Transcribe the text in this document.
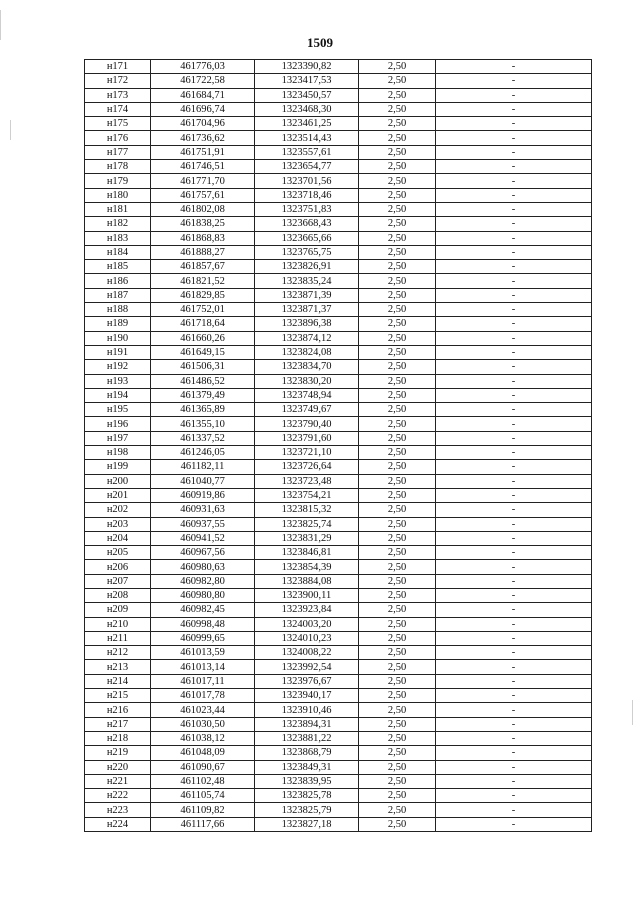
1509
н171	461776,03	1323390,82	2,50	-
н172	461722,58	1323417,53	2,50	-
н173	461684,71	1323450,57	2,50	-
н174	461696,74	1323468,30	2,50	-
н175	461704,96	1323461,25	2,50	-
н176	461736,62	1323514,43	2,50	-
н177	461751,91	1323557,61	2,50	-
н178	461746,51	1323654,77	2,50	-
н179	461771,70	1323701,56	2,50	-
н180	461757,61	1323718,46	2,50	-
н181	461802,08	1323751,83	2,50	-
н182	461838,25	1323668,43	2,50	-
н183	461868,83	1323665,66	2,50	-
н184	461888,27	1323765,75	2,50	-
н185	461857,67	1323826,91	2,50	-
н186	461821,52	1323835,24	2,50	-
н187	461829,85	1323871,39	2,50	-
н188	461752,01	1323871,37	2,50	-
н189	461718,64	1323896,38	2,50	-
н190	461660,26	1323874,12	2,50	-
н191	461649,15	1323824,08	2,50	-
н192	461506,31	1323834,70	2,50	-
н193	461486,52	1323830,20	2,50	-
н194	461379,49	1323748,94	2,50	-
н195	461365,89	1323749,67	2,50	-
н196	461355,10	1323790,40	2,50	-
н197	461337,52	1323791,60	2,50	-
н198	461246,05	1323721,10	2,50	-
н199	461182,11	1323726,64	2,50	-
н200	461040,77	1323723,48	2,50	-
н201	460919,86	1323754,21	2,50	-
н202	460931,63	1323815,32	2,50	-
н203	460937,55	1323825,74	2,50	-
н204	460941,52	1323831,29	2,50	-
н205	460967,56	1323846,81	2,50	-
н206	460980,63	1323854,39	2,50	-
н207	460982,80	1323884,08	2,50	-
н208	460980,80	1323900,11	2,50	-
н209	460982,45	1323923,84	2,50	-
н210	460998,48	1324003,20	2,50	-
н211	460999,65	1324010,23	2,50	-
н212	461013,59	1324008,22	2,50	-
н213	461013,14	1323992,54	2,50	-
н214	461017,11	1323976,67	2,50	-
н215	461017,78	1323940,17	2,50	-
н216	461023,44	1323910,46	2,50	-
н217	461030,50	1323894,31	2,50	-
н218	461038,12	1323881,22	2,50	-
н219	461048,09	1323868,79	2,50	-
н220	461090,67	1323849,31	2,50	-
н221	461102,48	1323839,95	2,50	-
н222	461105,74	1323825,78	2,50	-
н223	461109,82	1323825,79	2,50	-
н224	461117,66	1323827,18	2,50	-
